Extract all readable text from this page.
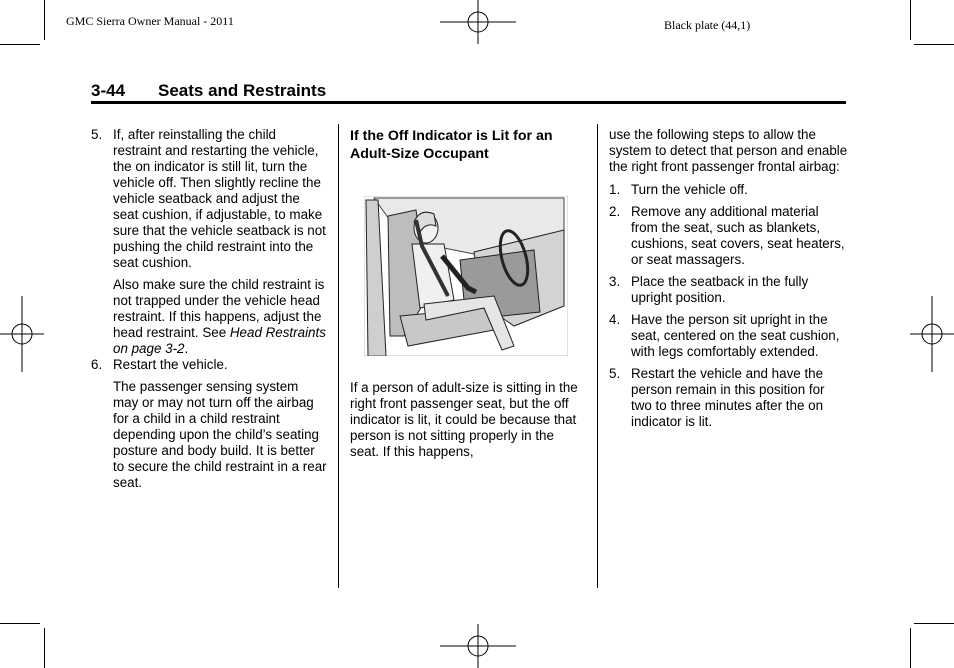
GMC Sierra Owner Manual - 2011	Black plate (44,1)
3-44 Seats and Restraints
5. If, after reinstalling the child restraint and restarting the vehicle, the on indicator is still lit, turn the vehicle off. Then slightly recline the vehicle seatback and adjust the seat cushion, if adjustable, to make sure that the vehicle seatback is not pushing the child restraint into the seat cushion.

Also make sure the child restraint is not trapped under the vehicle head restraint. If this happens, adjust the head restraint. See Head Restraints on page 3-2.

6. Restart the vehicle.

The passenger sensing system may or may not turn off the airbag for a child in a child restraint depending upon the child’s seating posture and body build. It is better to secure the child restraint in a rear seat.

If the Off Indicator is Lit for an Adult-Size Occupant

If a person of adult-size is sitting in the right front passenger seat, but the off indicator is lit, it could be because that person is not sitting properly in the seat. If this happens,

use the following steps to allow the system to detect that person and enable the right front passenger frontal airbag:

1. Turn the vehicle off.

2. Remove any additional material from the seat, such as blankets, cushions, seat covers, seat heaters, or seat massagers.

3. Place the seatback in the fully upright position.

4. Have the person sit upright in the seat, centered on the seat cushion, with legs comfortably extended.

5. Restart the vehicle and have the person remain in this position for two to three minutes after the on indicator is lit.
